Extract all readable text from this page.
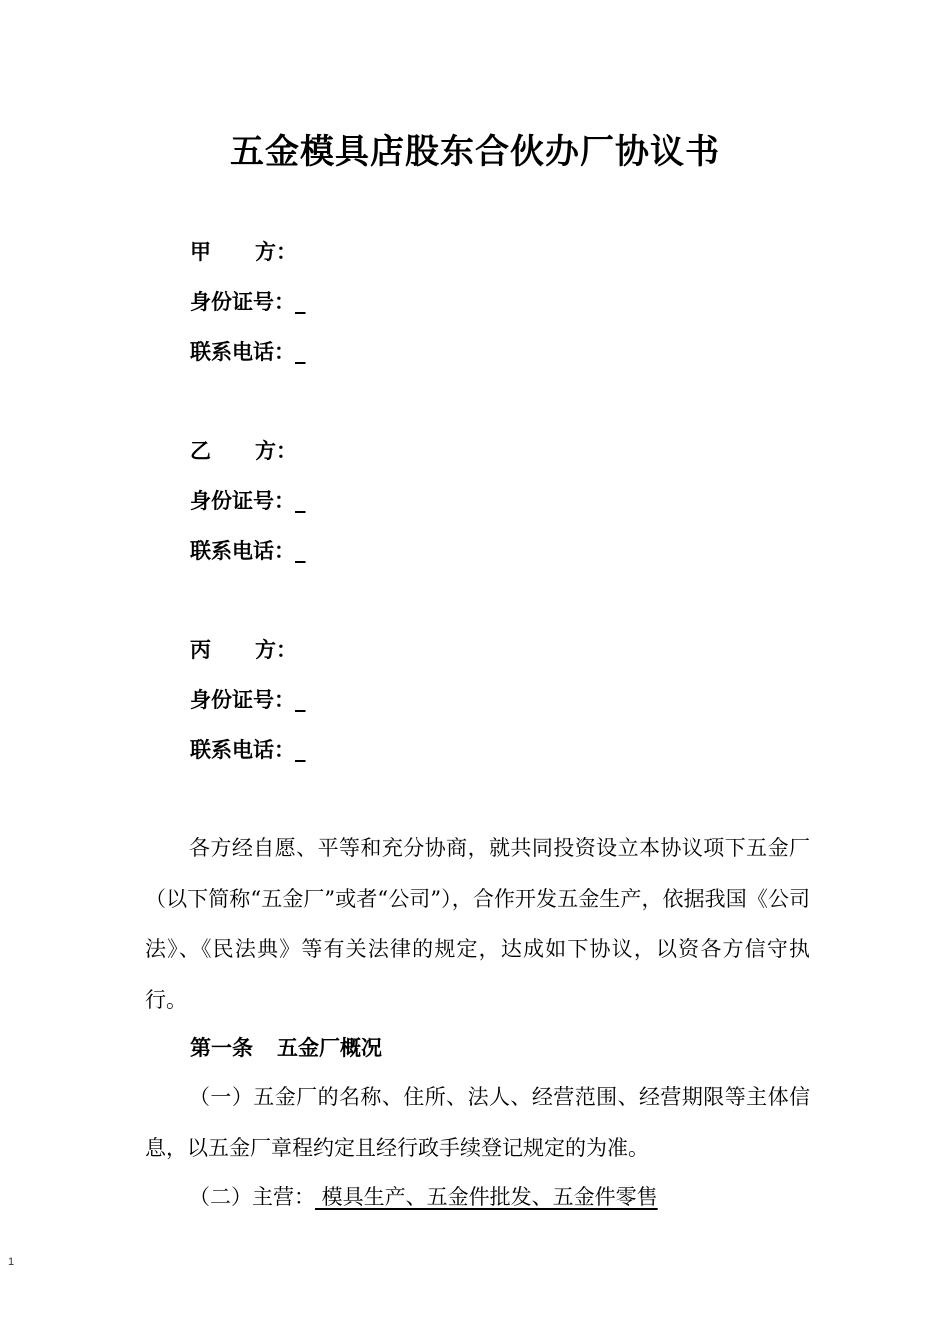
五金模具店股东合伙办厂协议书
甲 方：
身份证号：_
联系电话：_
乙 方：
身份证号：_
联系电话：_
丙 方：
身份证号：_
联系电话：_
各方经自愿、平等和充分协商，就共同投资设立本协议项下五金厂（以下简称“五金厂”或者“公司”），合作开发五金生产，依据我国《公司法》、《民法典》等有关法律的规定，达成如下协议，以资各方信守执行。
第一条 五金厂概况
（一）五金厂的名称、住所、法人、经营范围、经营期限等主体信息，以五金厂章程约定且经行政手续登记规定的为准。
（二）主营： 模具生产、五金件批发、五金件零售
1
